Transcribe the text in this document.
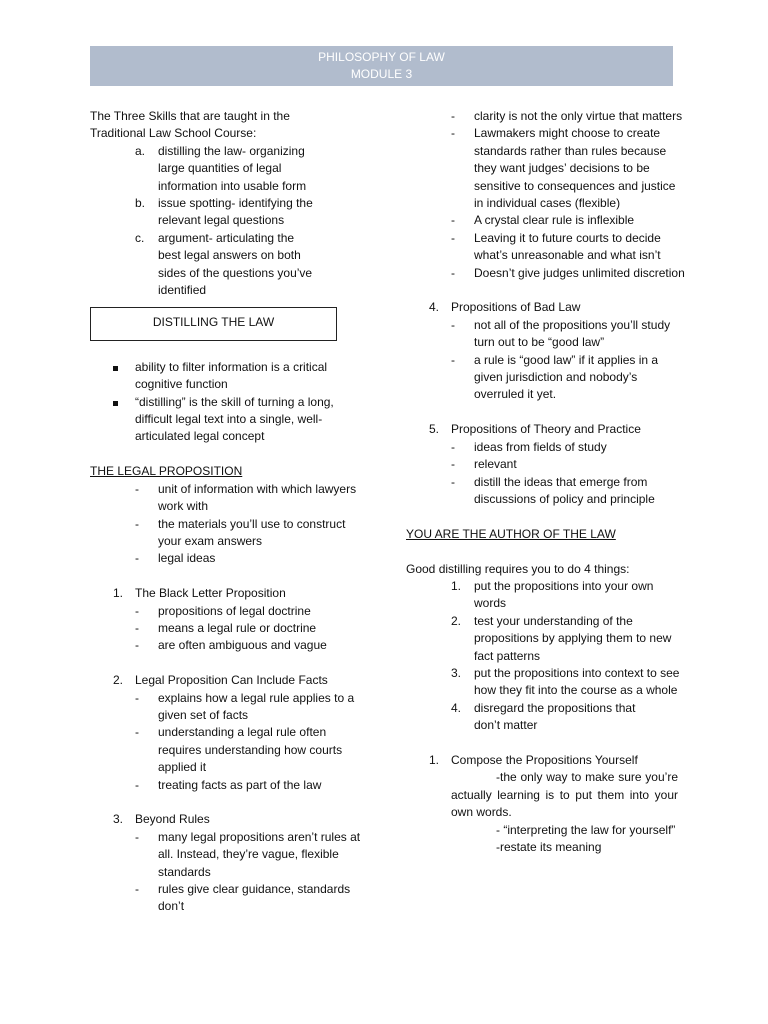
PHILOSOPHY OF LAW
MODULE 3

The Three Skills that are taught in the

Traditional Law School Course:

a.	distilling the law- organizing large quantities of legal information into usable form
b.	issue spotting- identifying the relevant legal questions
c.	argument- articulating the best legal answers on both sides of the questions you’ve identified
DISTILLING THE LAW
ability to filter information is a critical cognitive function
“distilling” is the skill of turning a long, difficult legal text into a single, well-articulated legal concept

THE LEGAL PROPOSITION

-	unit of information with which lawyers work with
-	the materials you’ll use to construct your exam answers
-	legal ideas
1. The Black Letter Proposition
-	propositions of legal doctrine
-	means a legal rule or doctrine
-	are often ambiguous and vague
2. Legal Proposition Can Include Facts
-	explains how a legal rule applies to a given set of facts
-	understanding a legal rule often requires understanding how courts applied it
-	treating facts as part of the law
3. Beyond Rules
-	many legal propositions aren’t rules at all. Instead, they’re vague, flexible standards
-	rules give clear guidance, standards don’t
-	clarity is not the only virtue that matters
-	Lawmakers might choose to create standards rather than rules because they want judges’ decisions to be sensitive to consequences and justice in individual cases (flexible)
-	A crystal clear rule is inflexible
-	Leaving it to future courts to decide what’s unreasonable and what isn’t
-	Doesn’t give judges unlimited discretion
4. Propositions of Bad Law
-	not all of the propositions you’ll study turn out to be “good law”
-	a rule is “good law” if it applies in a given jurisdiction and nobody’s overruled it yet.
5. Propositions of Theory and Practice
-	ideas from fields of study
-	relevant
-	distill the ideas that emerge from discussions of policy and principle

YOU ARE THE AUTHOR OF THE LAW

Good distilling requires you to do 4 things:

1.	put the propositions into your own words
2.	test your understanding of the propositions by applying them to new fact patterns
3.	put the propositions into context to see how they fit into the course as a whole
4.	disregard the propositions that don’t matter
1. Compose the Propositions Yourself

-the only way to make sure you’re actually learning is to put them into your own words.

- “interpreting the law for yourself”

-restate its meaning
